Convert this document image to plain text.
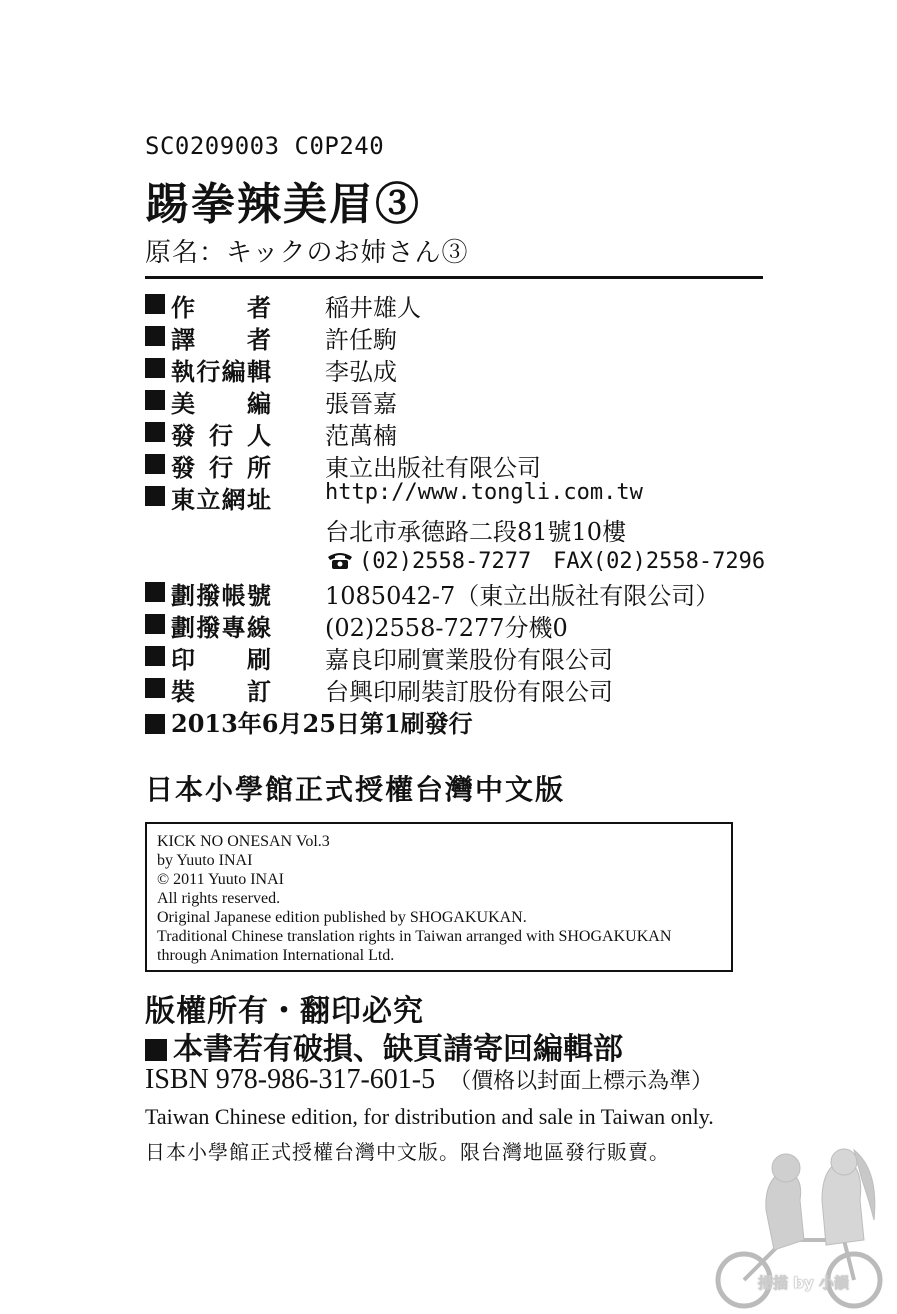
SC0209003 C0P240
踢拳辣美眉③
原名：キックのお姉さん③
作 者 稲井雄人
譯 者 許任駒
執 行 編 輯 李弘成
美 編 張晉嘉
發 行 人 范萬楠
發 行 所 東立出版社有限公司
東 立 網 址 http://www.tongli.com.tw
台北市承德路二段81號10樓
(02)2558-7277　FAX(02)2558-7296
劃 撥 帳 號 1085042-7（東立出版社有限公司）
劃 撥 專 線 (02)2558-7277分機0
印 刷 嘉良印刷實業股份有限公司
裝 訂 台興印刷裝訂股份有限公司
2013年6月25日第1刷發行
日本小學館正式授權台灣中文版
KICK NO ONESAN Vol.3
by Yuuto INAI
© 2011 Yuuto INAI
All rights reserved.
Original Japanese edition published by SHOGAKUKAN.
Traditional Chinese translation rights in Taiwan arranged with SHOGAKUKAN
through Animation International Ltd.
版權所有・翻印必究
本書若有破損、缺頁請寄回編輯部
ISBN 978-986-317-601-5 （價格以封面上標示為準）
Taiwan Chinese edition, for distribution and sale in Taiwan only.
日本小學館正式授權台灣中文版。限台灣地區發行販賣。
掃描 by 小韻
